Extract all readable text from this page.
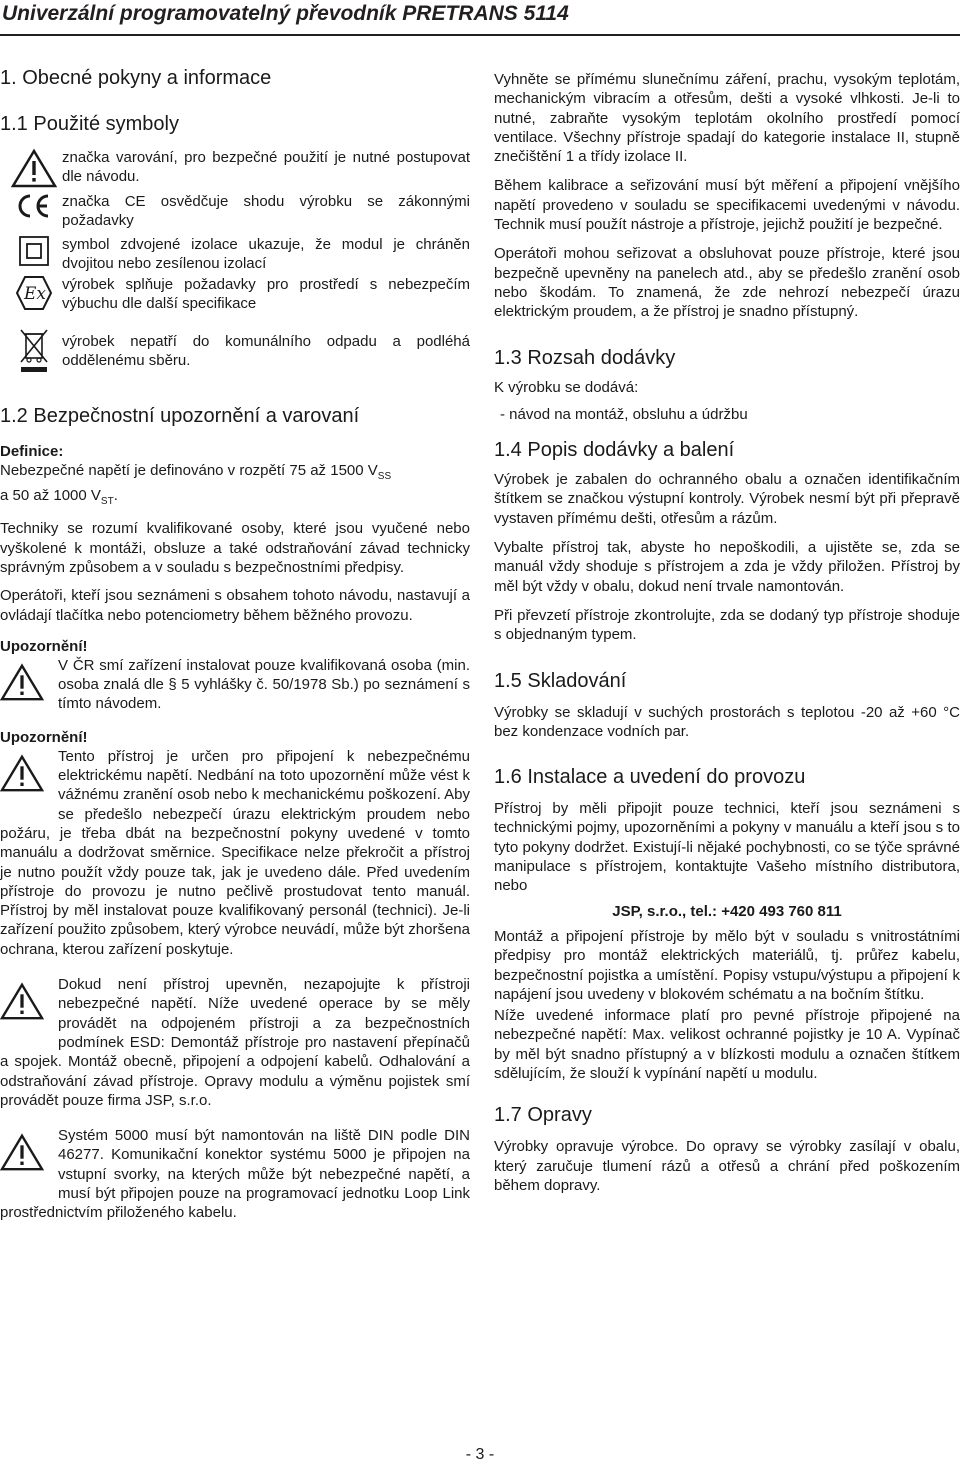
Univerzální programovatelný převodník PRETRANS 5114
1. Obecné pokyny a informace
1.1 Použité symboly
značka varování, pro bezpečné použití je nutné postupovat dle návodu.
značka CE osvědčuje shodu výrobku se zákonnými požadavky
symbol zdvojené izolace ukazuje, že modul je chráněn dvojitou nebo zesílenou izolací
Ex výrobek splňuje požadavky pro prostředí s nebezpečím výbuchu dle další specifikace
výrobek nepatří do komunálního odpadu a podléhá oddělenému sběru.
1.2 Bezpečnostní upozornění a varovaní
Definice:

Nebezpečné napětí je definováno v rozpětí 75 až 1500 $V_{SS}$
a 50 až 1000 $V_{ST}$.

Techniky se rozumí kvalifikované osoby, které jsou vyučené nebo vyškolené k montáži, obsluze a také odstraňování závad technicky správným způsobem a v souladu s bezpečnostními předpisy.

Operátoři, kteří jsou seznámeni s obsahem tohoto návodu, nastavují a ovládají tlačítka nebo potenciometry během běžného provozu.

Upozornění!

V ČR smí zařízení instalovat pouze kvalifikovaná osoba (min. osoba znalá dle § 5 vyhlášky č. 50/1978 Sb.) po seznámení s tímto návodem.

Upozornění!

Tento přístroj je určen pro připojení k nebezpečnému elektrickému napětí. Nedbání na toto upozornění může vést k vážnému zranění osob nebo k mechanickému poškození. Aby se předešlo nebezpečí úrazu elektrickým proudem nebo požáru, je třeba dbát na bezpečnostní pokyny uvedené v tomto manuálu a dodržovat směrnice. Specifikace nelze překročit a přístroj je nutno použít vždy pouze tak, jak je uvedeno dále. Před uvedením přístroje do provozu je nutno pečlivě prostudovat tento manuál. Přístroj by měl instalovat pouze kvalifikovaný personál (technici). Je-li zařízení použito způsobem, který výrobce neuvádí, může být zhoršena ochrana, kterou zařízení poskytuje.

Dokud není přístroj upevněn, nezapojujte k přístroji nebezpečné napětí. Níže uvedené operace by se měly provádět na odpojeném přístroji a za bezpečnostních podmínek ESD: Demontáž přístroje pro nastavení přepínačů a spojek. Montáž obecně, připojení a odpojení kabelů. Odhalování a odstraňování závad přístroje. Opravy modulu a výměnu pojistek smí provádět pouze firma JSP, s.r.o.

Systém 5000 musí být namontován na liště DIN podle DIN 46277. Komunikační konektor systému 5000 je připojen na vstupní svorky, na kterých může být nebezpečné napětí, a musí být připojen pouze na programovací jednotku Loop Link prostřednictvím přiloženého kabelu.

Vyhněte se přímému slunečnímu záření, prachu, vysokým teplotám, mechanickým vibracím a otřesům, dešti a vysoké vlhkosti. Je-li to nutné, zabraňte vysokým teplotám okolního prostředí pomocí ventilace. Všechny přístroje spadají do kategorie instalace II, stupně znečištění 1 a třídy izolace II.

Během kalibrace a seřizování musí být měření a připojení vnějšího napětí provedeno v souladu se specifikacemi uvedenými v návodu. Technik musí použít nástroje a přístroje, jejichž použití je bezpečné.

Operátoři mohou seřizovat a obsluhovat pouze přístroje, které jsou bezpečně upevněny na panelech atd., aby se předešlo zranění osob nebo škodám. To znamená, že zde nehrozí nebezpečí úrazu elektrickým proudem, a že přístroj je snadno přístupný.

1.3 Rozsah dodávky

K výrobku se dodává:

- návod na montáž, obsluhu a údržbu
1.4 Popis dodávky a balení

Výrobek je zabalen do ochranného obalu a označen identifikačním štítkem se značkou výstupní kontroly. Výrobek nesmí být při přepravě vystaven přímému dešti, otřesům a rázům.

Vybalte přístroj tak, abyste ho nepoškodili, a ujistěte se, zda se manuál vždy shoduje s přístrojem a zda je vždy přiložen. Přístroj by měl být vždy v obalu, dokud není trvale namontován.

Při převzetí přístroje zkontrolujte, zda se dodaný typ přístroje shoduje s objednaným typem.

1.5 Skladování

Výrobky se skladují v suchých prostorách s teplotou -20 až +60 °C bez kondenzace vodních par.

1.6 Instalace a uvedení do provozu

Přístroj by měli připojit pouze technici, kteří jsou seznámeni s technickými pojmy, upozorněními a pokyny v manuálu a kteří jsou s to tyto pokyny dodržet. Existují-li nějaké pochybnosti, co se týče správné manipulace s přístrojem, kontaktujte Vašeho místního distributora, nebo

JSP, s.r.o., tel.: +420 493 760 811

Montáž a připojení přístroje by mělo být v souladu s vnitrostátními předpisy pro montáž elektrických materiálů, tj. průřez kabelu, bezpečnostní pojistka a umístění. Popisy vstupu/výstupu a připojení k napájení jsou uvedeny v blokovém schématu a na bočním štítku.

Níže uvedené informace platí pro pevné přístroje připojené na nebezpečné napětí: Max. velikost ochranné pojistky je 10 A. Vypínač by měl být snadno přístupný a v blízkosti modulu a označen štítkem sdělujícím, že slouží k vypínání napětí u modulu.

1.7 Opravy

Výrobky opravuje výrobce. Do opravy se výrobky zasílají v obalu, který zaručuje tlumení rázů a otřesů a chrání před poškozením během dopravy.

- 3 -
